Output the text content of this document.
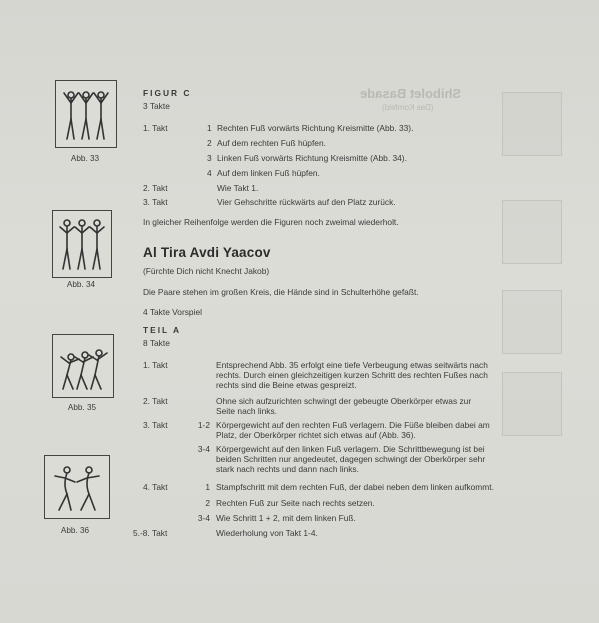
Shibolet Basade
(Das Kornfeld)
Abb. 33
Abb. 34
Abb. 35
Abb. 36
FIGUR C
3 Takte
1. Takt	1 Rechten Fuß vorwärts Richtung Kreismitte (Abb. 33).
2 Auf dem rechten Fuß hüpfen.
3 Linken Fuß vorwärts Richtung Kreismitte (Abb. 34).
4 Auf dem linken Fuß hüpfen.
2. Takt	Wie Takt 1.
3. Takt	Vier Gehschritte rückwärts auf den Platz zurück.
In gleicher Reihenfolge werden die Figuren noch zweimal wiederholt.
Al Tira Avdi Yaacov
(Fürchte Dich nicht Knecht Jakob)
Die Paare stehen im großen Kreis, die Hände sind in Schulterhöhe gefaßt.
4 Takte Vorspiel
TEIL A
8 Takte
1. Takt	Entsprechend Abb. 35 erfolgt eine tiefe Verbeugung etwas seitwärts nach
rechts. Durch einen gleichzeitigen kurzen Schritt des rechten Fußes nach
rechts sind die Beine etwas gespreizt.
2. Takt	Ohne sich aufzurichten schwingt der gebeugte Oberkörper etwas zur
Seite nach links.
3. Takt	1-2 Körpergewicht auf den rechten Fuß verlagern. Die Füße bleiben dabei am
Platz, der Oberkörper richtet sich etwas auf (Abb. 36).
3-4 Körpergewicht auf den linken Fuß verlagern. Die Schrittbewegung ist bei
beiden Schritten nur angedeutet, dagegen schwingt der Oberkörper sehr
stark nach rechts und dann nach links.
4. Takt	1 Stampfschritt mit dem rechten Fuß, der dabei neben dem linken aufkommt.
2 Rechten Fuß zur Seite nach rechts setzen.
3-4 Wie Schritt 1 + 2, mit dem linken Fuß.
5.-8. Takt	Wiederholung von Takt 1-4.
